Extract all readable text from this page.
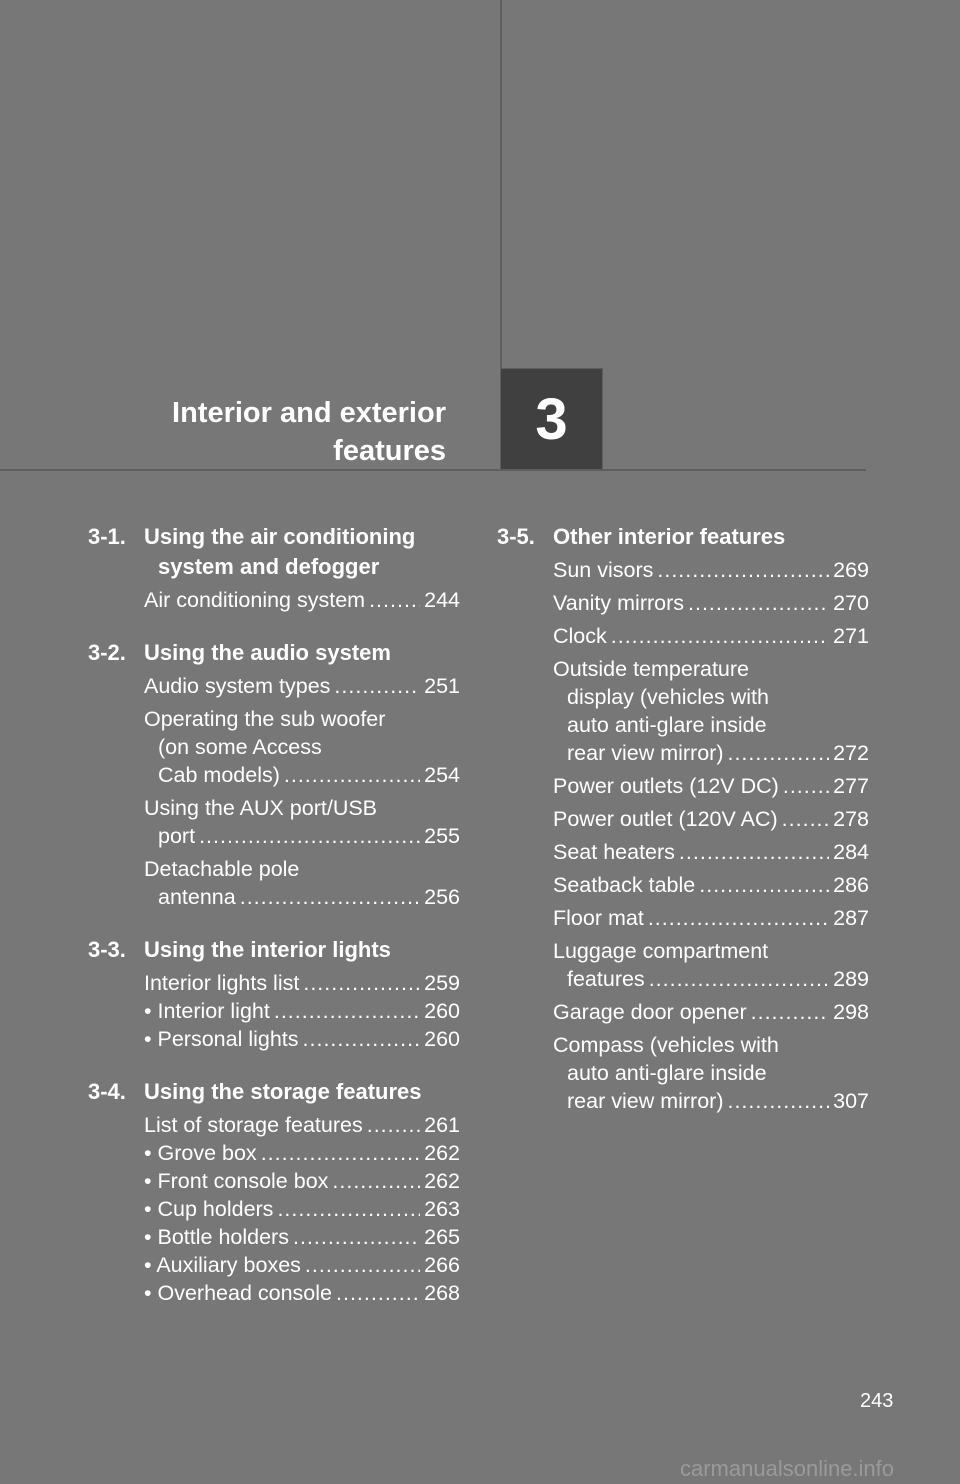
Interior and exterior
features 3
3-1. Using the air conditioning
system and defogger
Air conditioning system .....	244
3-2. Using the audio system
Audio system types .....	251
Operating the sub woofer
(on some Access
Cab models) .....	254
Using the AUX port/USB
port .....	255
Detachable pole
antenna .....	256
3-3. Using the interior lights
Interior lights list .....	259
• Interior light .....	260
• Personal lights .....	260
3-4. Using the storage features
List of storage features .....	261
• Grove box .....	262
• Front console box .....	262
• Cup holders .....	263
• Bottle holders .....	265
• Auxiliary boxes .....	266
• Overhead console .....	268
3-5. Other interior features
Sun visors .....	269
Vanity mirrors .....	270
Clock .....	271
Outside temperature
display (vehicles with
auto anti-glare inside
rear view mirror) .....	272
Power outlets (12V DC) .....	277
Power outlet (120V AC) .....	278
Seat heaters .....	284
Seatback table .....	286
Floor mat .....	287
Luggage compartment
features .....	289
Garage door opener .....	298
Compass (vehicles with
auto anti-glare inside
rear view mirror) .....	307
243
carmanualsonline.info
